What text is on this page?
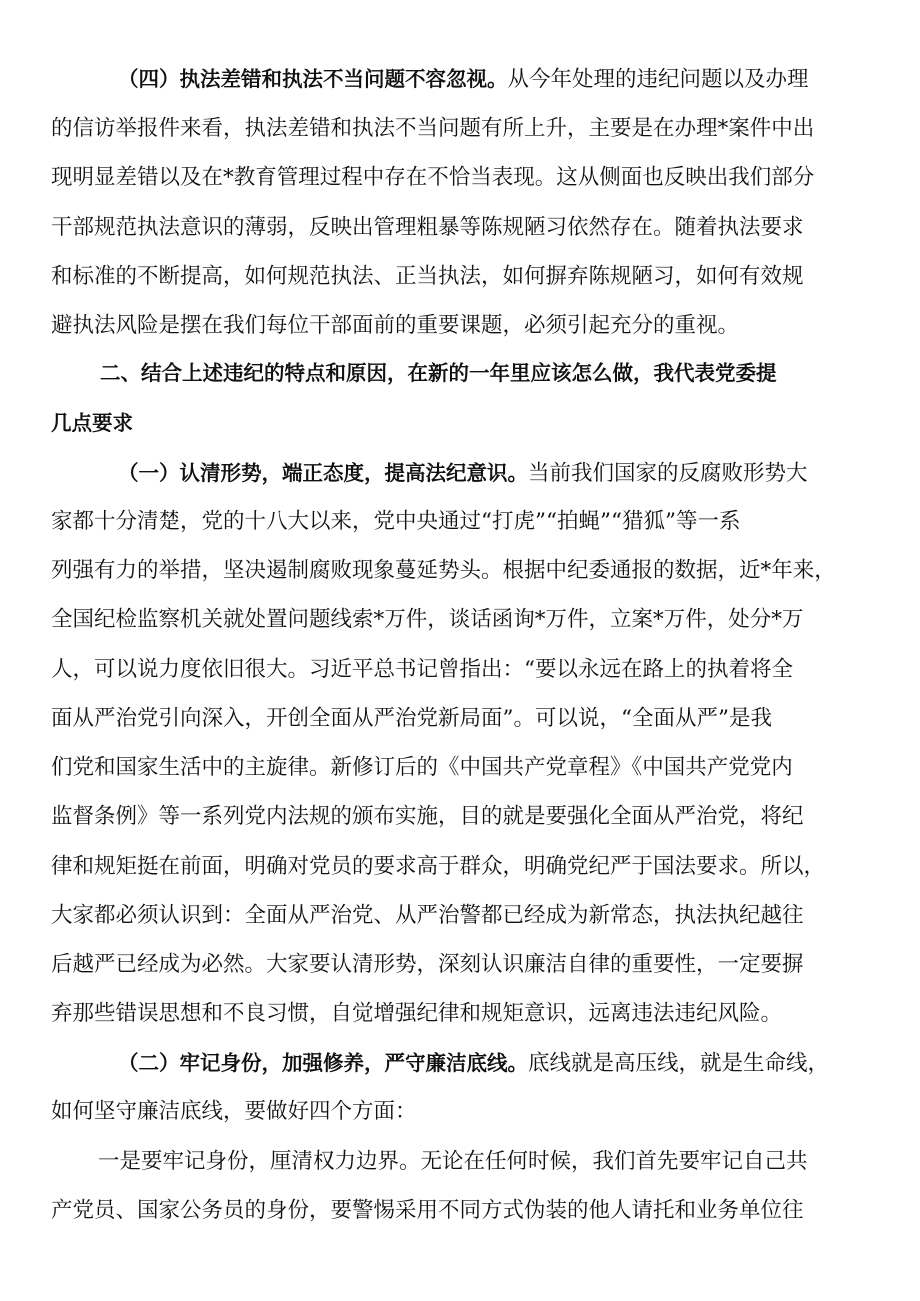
（四）执法差错和执法不当问题不容忽视。从今年处理的违纪问题以及办理
的信访举报件来看，执法差错和执法不当问题有所上升，主要是在办理*案件中出
现明显差错以及在*教育管理过程中存在不恰当表现。这从侧面也反映出我们部分
干部规范执法意识的薄弱，反映出管理粗暴等陈规陋习依然存在。随着执法要求
和标准的不断提高，如何规范执法、正当执法，如何摒弃陈规陋习，如何有效规
避执法风险是摆在我们每位干部面前的重要课题，必须引起充分的重视。
二、结合上述违纪的特点和原因，在新的一年里应该怎么做，我代表党委提
几点要求
（一）认清形势，端正态度，提高法纪意识。当前我们国家的反腐败形势大
家都十分清楚，党的十八大以来，党中央通过“打虎”“拍蝇”“猎狐”等一系
列强有力的举措，坚决遏制腐败现象蔓延势头。根据中纪委通报的数据，近*年来，
全国纪检监察机关就处置问题线索*万件，谈话函询*万件，立案*万件，处分*万
人，可以说力度依旧很大。习近平总书记曾指出：“要以永远在路上的执着将全
面从严治党引向深入，开创全面从严治党新局面”。可以说，“全面从严”是我
们党和国家生活中的主旋律。新修订后的《中国共产党章程》《中国共产党党内
监督条例》等一系列党内法规的颁布实施，目的就是要强化全面从严治党，将纪
律和规矩挺在前面，明确对党员的要求高于群众，明确党纪严于国法要求。所以，
大家都必须认识到：全面从严治党、从严治警都已经成为新常态，执法执纪越往
后越严已经成为必然。大家要认清形势，深刻认识廉洁自律的重要性，一定要摒
弃那些错误思想和不良习惯，自觉增强纪律和规矩意识，远离违法违纪风险。
（二）牢记身份，加强修养，严守廉洁底线。底线就是高压线，就是生命线，
如何坚守廉洁底线，要做好四个方面：
一是要牢记身份，厘清权力边界。无论在任何时候，我们首先要牢记自己共
产党员、国家公务员的身份，要警惕采用不同方式伪装的他人请托和业务单位往
